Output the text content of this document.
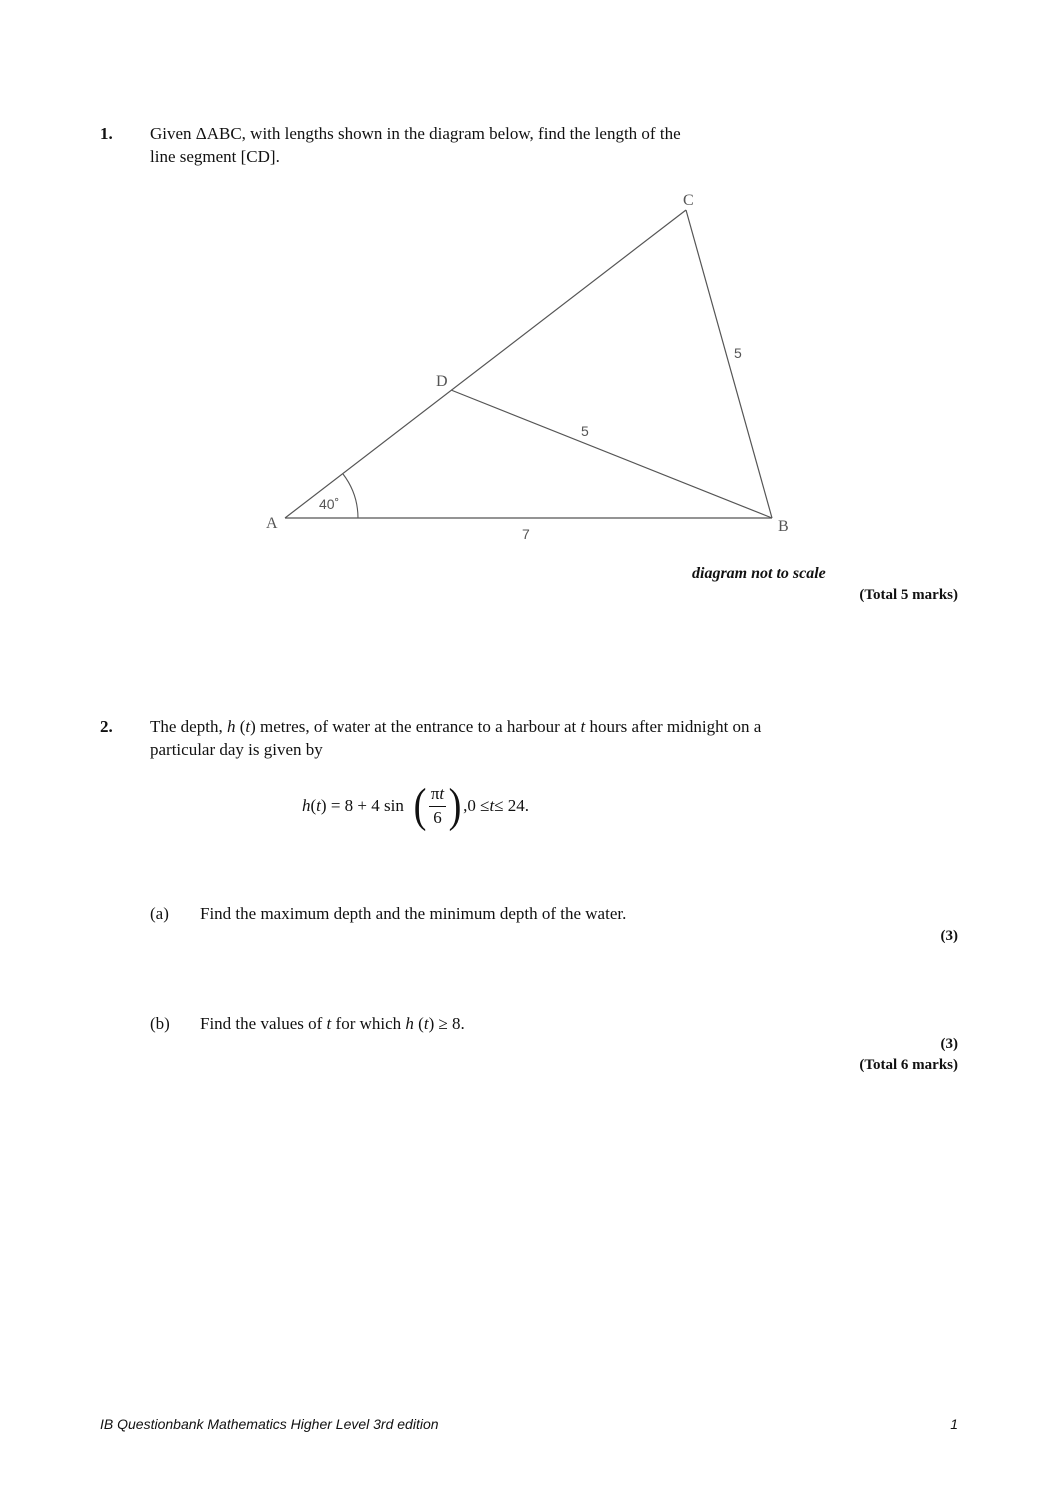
1. Given ΔABC, with lengths shown in the diagram below, find the length of the
line segment [CD].
A	B
C
D
40˚
7
5
5
diagram not to scale
(Total 5 marks)
2. The depth, h (t) metres, of water at the entrance to a harbour at t hours after midnight on a
particular day is given by
h ( t ) = 8 + 4 sin ( $\frac{\pi t}{6}$ ) ,0 ≤ t ≤ 24.
(a) Find the maximum depth and the minimum depth of the water.
(3)
(b) Find the values of t for which h (t) ≥ 8.
(3)
(Total 6 marks)
IB Questionbank Mathematics Higher Level 3rd edition	1
